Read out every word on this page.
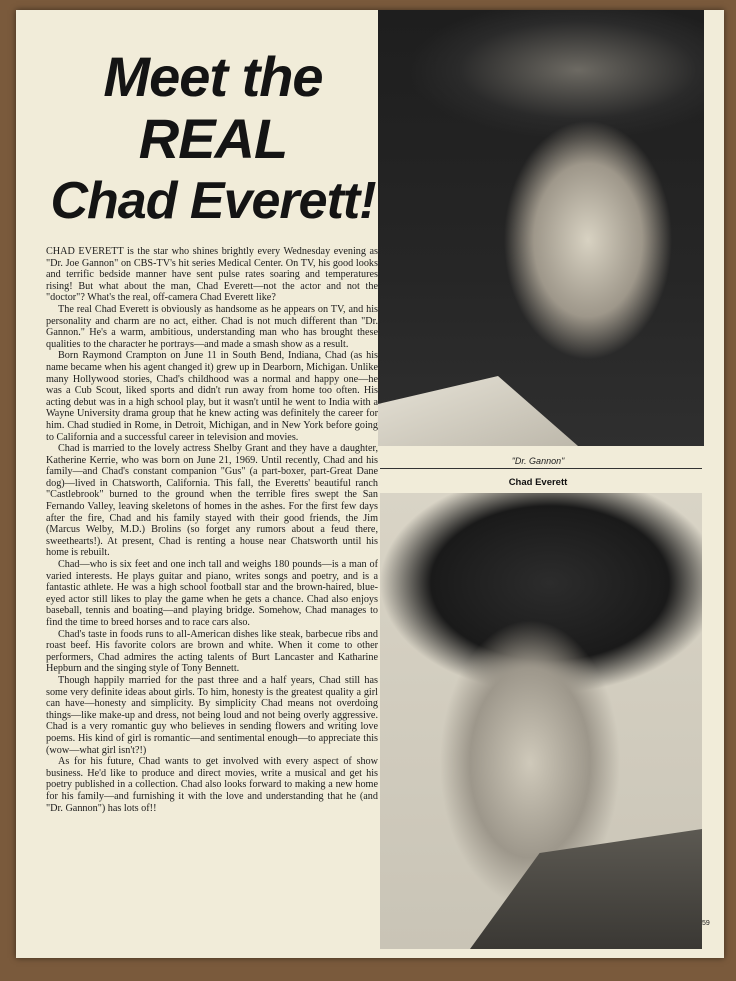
Meet the
REAL
Chad Everett!

CHAD EVERETT is the star who shines brightly every Wednesday evening as "Dr. Joe Gannon" on CBS-TV's hit series Medical Center. On TV, his good looks and terrific bedside manner have sent pulse rates soaring and temperatures rising! But what about the man, Chad Everett—not the actor and not the "doctor"? What's the real, off-camera Chad Everett like?

The real Chad Everett is obviously as handsome as he appears on TV, and his personality and charm are no act, either. Chad is not much different than "Dr. Gannon." He's a warm, ambitious, understanding man who has brought these qualities to the character he portrays—and made a smash show as a result.

Born Raymond Crampton on June 11 in South Bend, Indiana, Chad (as his name became when his agent changed it) grew up in Dearborn, Michigan. Unlike many Hollywood stories, Chad's childhood was a normal and happy one—he was a Cub Scout, liked sports and didn't run away from home too often. His acting debut was in a high school play, but it wasn't until he went to India with a Wayne University drama group that he knew acting was definitely the career for him. Chad studied in Rome, in Detroit, Michigan, and in New York before going to California and a successful career in television and movies.

Chad is married to the lovely actress Shelby Grant and they have a daughter, Katherine Kerrie, who was born on June 21, 1969. Until recently, Chad and his family—and Chad's constant companion "Gus" (a part-boxer, part-Great Dane dog)—lived in Chatsworth, California. This fall, the Everetts' beautiful ranch "Castlebrook" burned to the ground when the terrible fires swept the San Fernando Valley, leaving skeletons of homes in the ashes. For the first few days after the fire, Chad and his family stayed with their good friends, the Jim (Marcus Welby, M.D.) Brolins (so forget any rumors about a feud there, sweethearts!). At present, Chad is renting a house near Chatsworth until his home is rebuilt.

Chad—who is six feet and one inch tall and weighs 180 pounds—is a man of varied interests. He plays guitar and piano, writes songs and poetry, and is a fantastic athlete. He was a high school football star and the brown-haired, blue-eyed actor still likes to play the game when he gets a chance. Chad also enjoys baseball, tennis and boating—and playing bridge. Somehow, Chad manages to find the time to breed horses and to race cars also.

Chad's taste in foods runs to all-American dishes like steak, barbecue ribs and roast beef. His favorite colors are brown and white. When it come to other performers, Chad admires the acting talents of Burt Lancaster and Katharine Hepburn and the singing style of Tony Bennett.

Though happily married for the past three and a half years, Chad still has some very definite ideas about girls. To him, honesty is the greatest quality a girl can have—honesty and simplicity. By simplicity Chad means not overdoing things—like make-up and dress, not being loud and not being overly aggressive. Chad is a very romantic guy who believes in sending flowers and writing love poems. His kind of girl is romantic—and sentimental enough—to appreciate this (wow—what girl isn't?!)

As for his future, Chad wants to get involved with every aspect of show business. He'd like to produce and direct movies, write a musical and get his poetry published in a collection. Chad also looks forward to making a new home for his family—and furnishing it with the love and understanding that he (and "Dr. Gannon") has lots of!!

"Dr. Gannon"
Chad Everett
59
